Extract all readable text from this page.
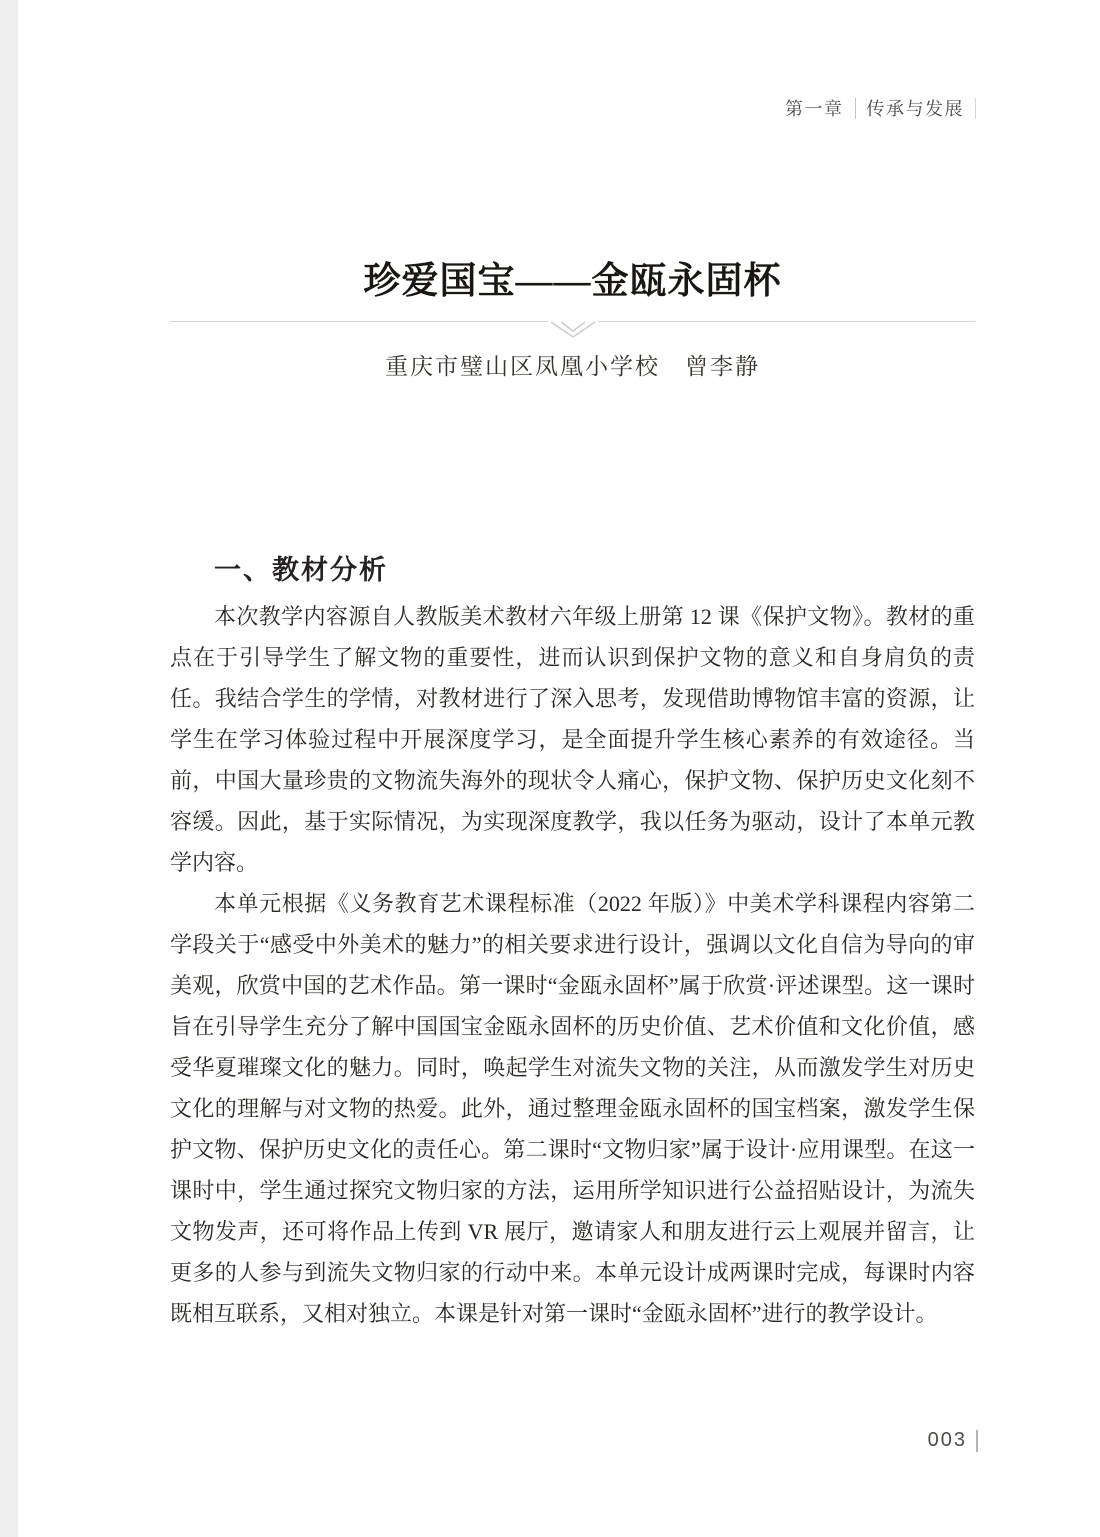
第一章 传承与发展
珍爱国宝——金瓯永固杯
重庆市璧山区凤凰小学校　曾李静
一、教材分析

本次教学内容源自人教版美术教材六年级上册第 12 课《保护文物》。教材的重点在于引导学生了解文物的重要性，进而认识到保护文物的意义和自身肩负的责任。我结合学生的学情，对教材进行了深入思考，发现借助博物馆丰富的资源，让学生在学习体验过程中开展深度学习，是全面提升学生核心素养的有效途径。当前，中国大量珍贵的文物流失海外的现状令人痛心，保护文物、保护历史文化刻不容缓。因此，基于实际情况，为实现深度教学，我以任务为驱动，设计了本单元教学内容。

本单元根据《义务教育艺术课程标准（2022 年版）》中美术学科课程内容第二学段关于“感受中外美术的魅力”的相关要求进行设计，强调以文化自信为导向的审美观，欣赏中国的艺术作品。第一课时“金瓯永固杯”属于欣赏·评述课型。这一课时旨在引导学生充分了解中国国宝金瓯永固杯的历史价值、艺术价值和文化价值，感受华夏璀璨文化的魅力。同时，唤起学生对流失文物的关注，从而激发学生对历史文化的理解与对文物的热爱。此外，通过整理金瓯永固杯的国宝档案，激发学生保护文物、保护历史文化的责任心。第二课时“文物归家”属于设计·应用课型。在这一课时中，学生通过探究文物归家的方法，运用所学知识进行公益招贴设计，为流失文物发声，还可将作品上传到 VR 展厅，邀请家人和朋友进行云上观展并留言，让更多的人参与到流失文物归家的行动中来。本单元设计成两课时完成，每课时内容既相互联系，又相对独立。本课是针对第一课时“金瓯永固杯”进行的教学设计。

003
